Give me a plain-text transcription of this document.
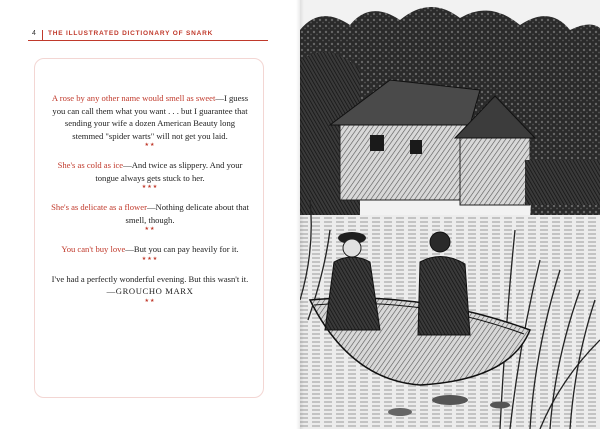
4 THE ILLUSTRATED DICTIONARY OF SNARK
A rose by any other name would smell as sweet—I guess you can call them what you want . . . but I guarantee that sending your wife a dozen American Beauty long stemmed "spider warts" will not get you laid.
★★
She's as cold as ice—And twice as slippery. And your tongue always gets stuck to her.
★★★
She's as delicate as a flower—Nothing delicate about that smell, though.
★★
You can't buy love—But you can pay heavily for it.
★★★
I've had a perfectly wonderful evening. But this wasn't it.
—GROUCHO MARX
★★
